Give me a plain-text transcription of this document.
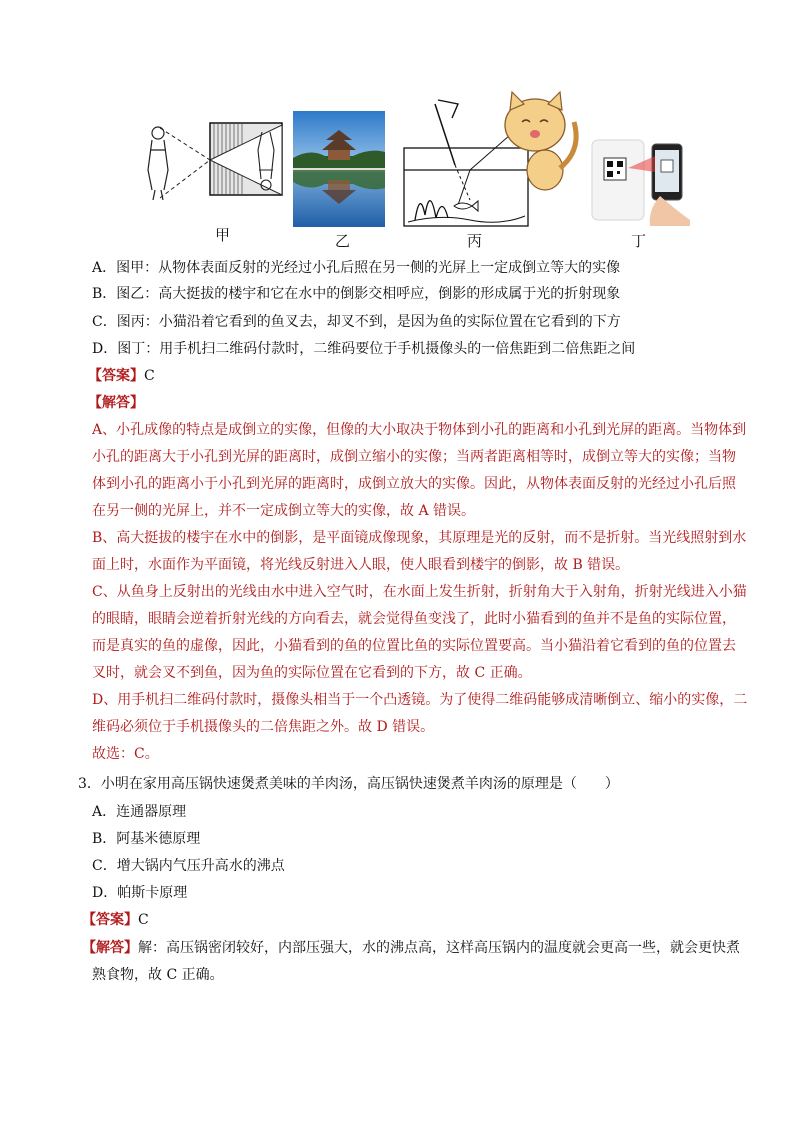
甲	乙	丙	丁
A．图甲：从物体表面反射的光经过小孔后照在另一侧的光屏上一定成倒立等大的实像
B．图乙：高大挺拔的楼宇和它在水中的倒影交相呼应，倒影的形成属于光的折射现象
C．图丙：小猫沿着它看到的鱼叉去，却叉不到，是因为鱼的实际位置在它看到的下方
D．图丁：用手机扫二维码付款时，二维码要位于手机摄像头的一倍焦距到二倍焦距之间
【答案】C
【解答】
A、小孔成像的特点是成倒立的实像，但像的大小取决于物体到小孔的距离和小孔到光屏的距离。当物体到
小孔的距离大于小孔到光屏的距离时，成倒立缩小的实像；当两者距离相等时，成倒立等大的实像；当物
体到小孔的距离小于小孔到光屏的距离时，成倒立放大的实像。因此，从物体表面反射的光经过小孔后照
在另一侧的光屏上，并不一定成倒立等大的实像，故 A 错误。
B、高大挺拔的楼宇在水中的倒影，是平面镜成像现象，其原理是光的反射，而不是折射。当光线照射到水
面上时，水面作为平面镜，将光线反射进入人眼，使人眼看到楼宇的倒影，故 B 错误。
C、从鱼身上反射出的光线由水中进入空气时，在水面上发生折射，折射角大于入射角，折射光线进入小猫
的眼睛，眼睛会逆着折射光线的方向看去，就会觉得鱼变浅了，此时小猫看到的鱼并不是鱼的实际位置，
而是真实的鱼的虚像，因此，小猫看到的鱼的位置比鱼的实际位置要高。当小猫沿着它看到的鱼的位置去
叉时，就会叉不到鱼，因为鱼的实际位置在它看到的下方，故 C 正确。
D、用手机扫二维码付款时，摄像头相当于一个凸透镜。为了使得二维码能够成清晰倒立、缩小的实像，二
维码必须位于手机摄像头的二倍焦距之外。故 D 错误。
故选：C。
3．小明在家用高压锅快速煲煮美味的羊肉汤，高压锅快速煲煮羊肉汤的原理是（　　）
A．连通器原理
B．阿基米德原理
C．增大锅内气压升高水的沸点
D．帕斯卡原理
【答案】C
【解答】解：高压锅密闭较好，内部压强大，水的沸点高，这样高压锅内的温度就会更高一些，就会更快煮
熟食物，故 C 正确。
